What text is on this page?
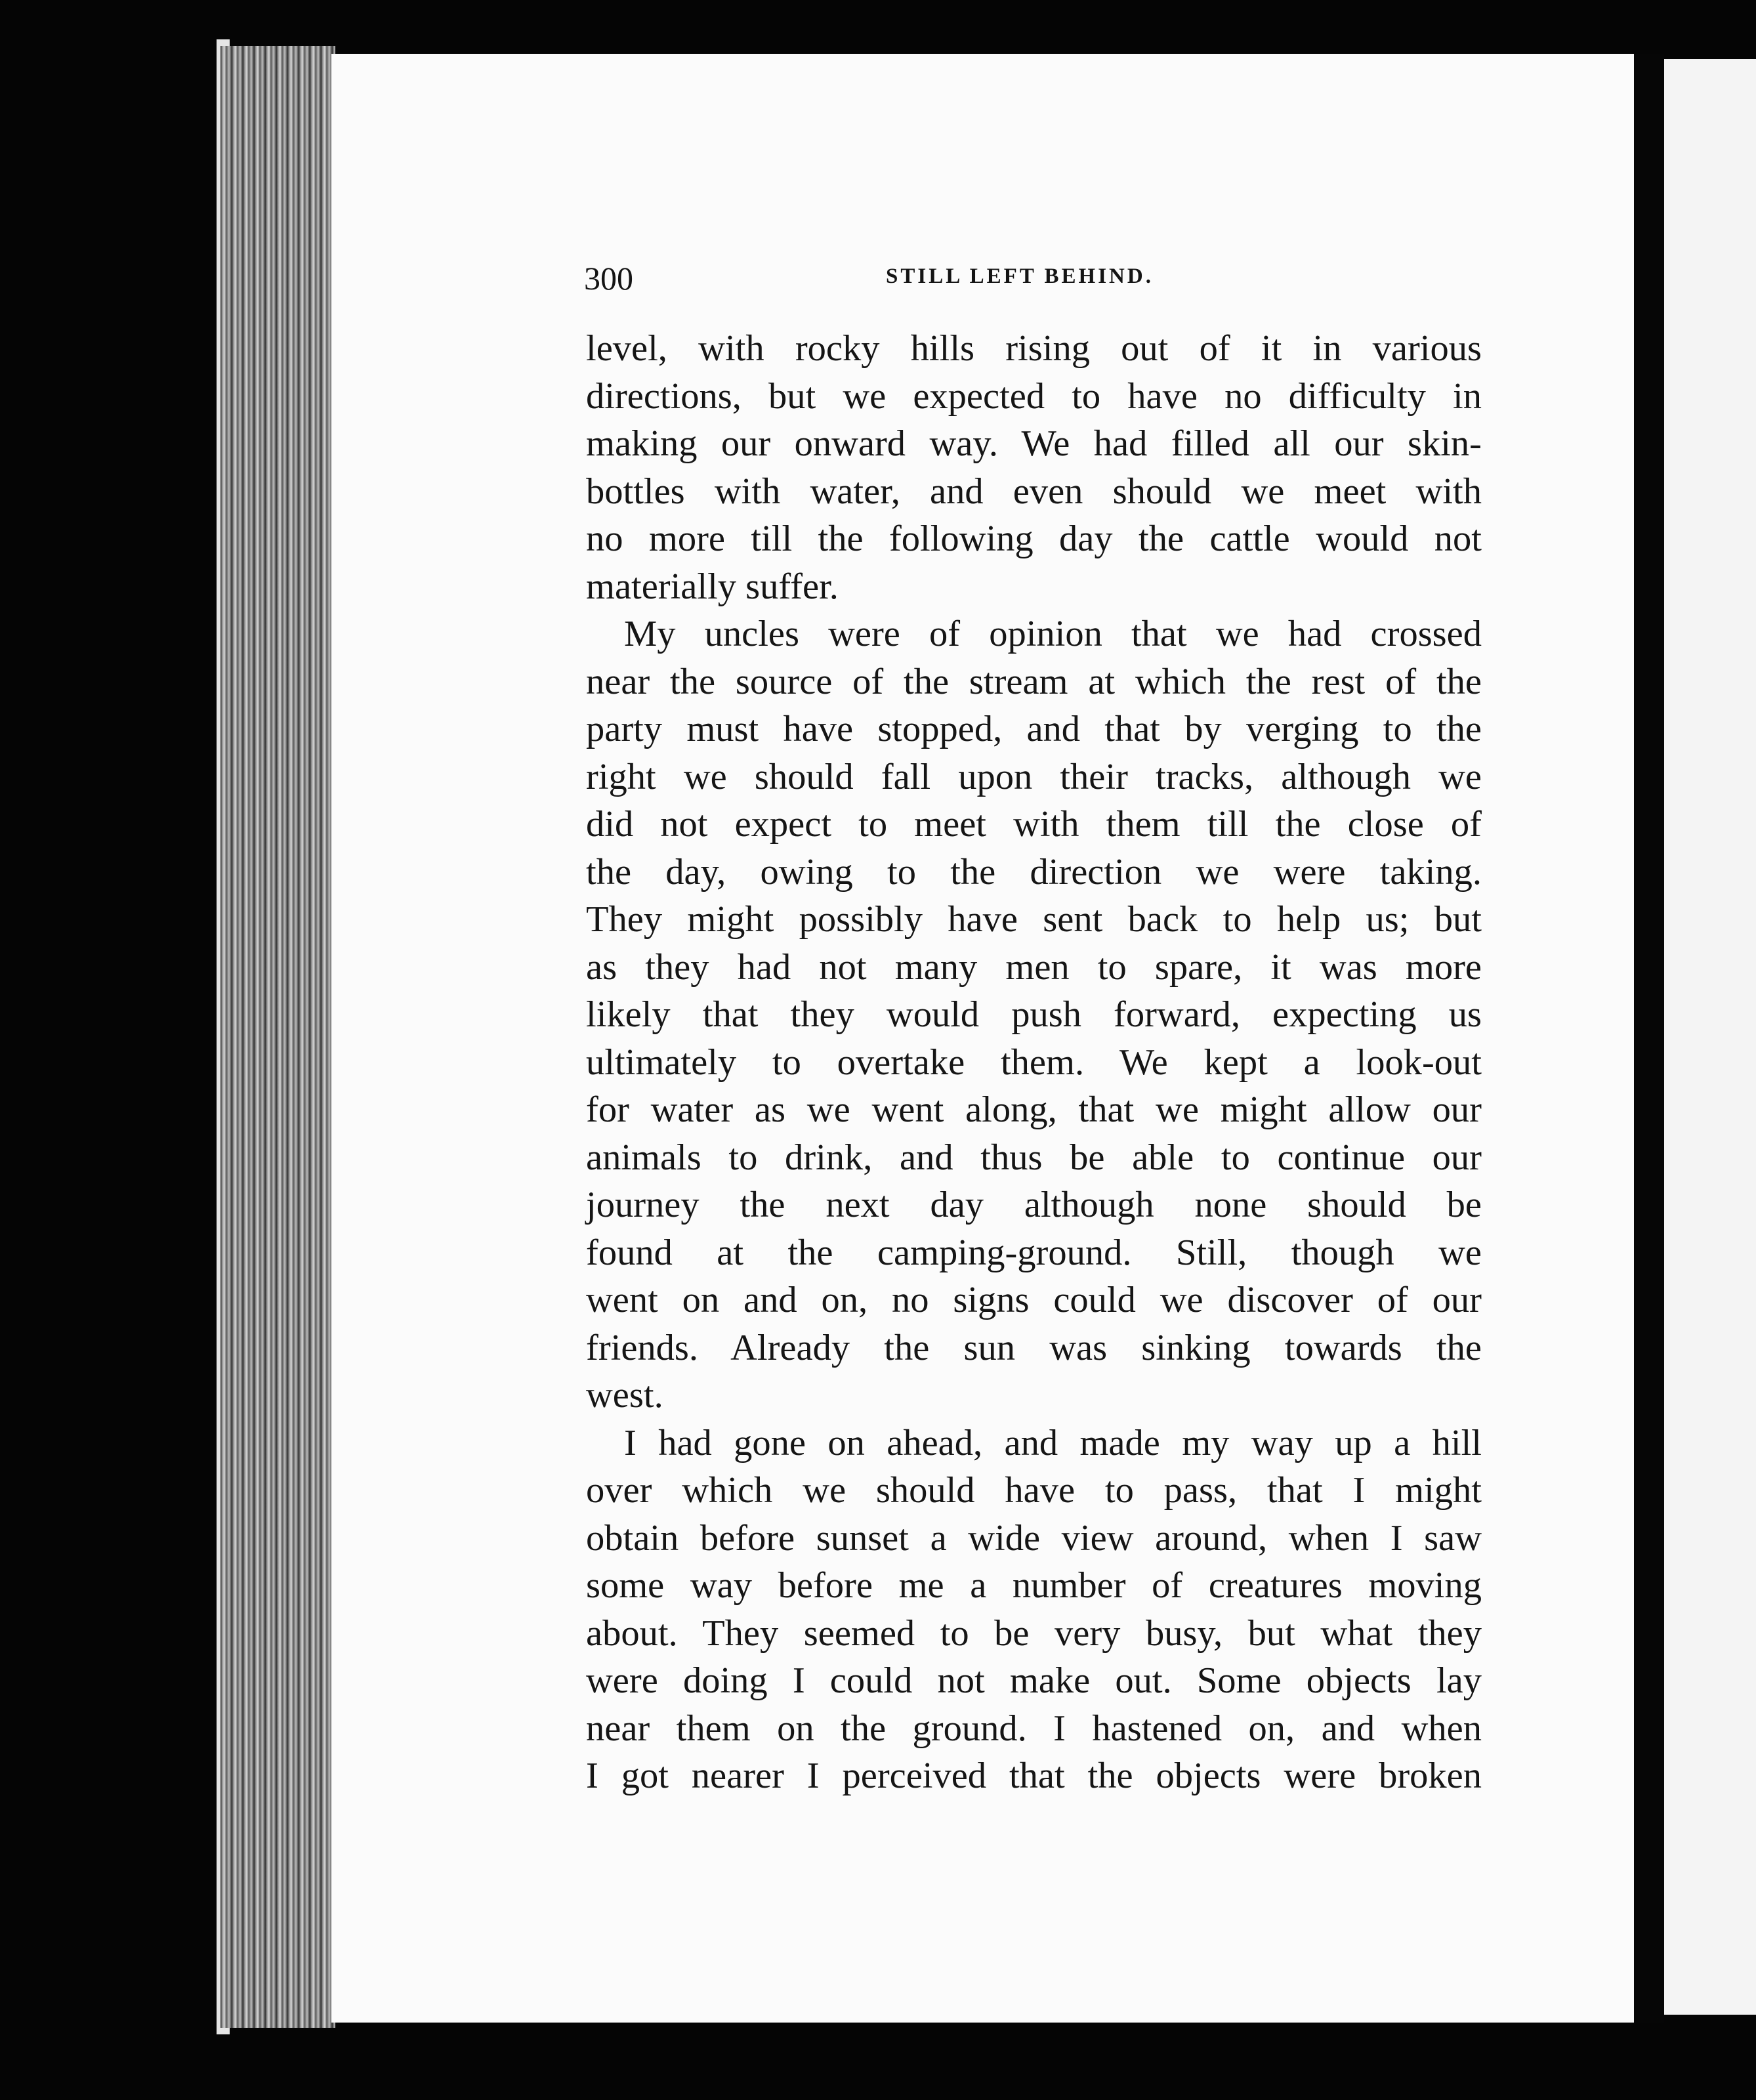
300	STILL LEFT BEHIND.
level, with rocky hills rising out of it in various
directions, but we expected to have no difficulty in
making our onward way. We had filled all our skin-
bottles with water, and even should we meet with
no more till the following day the cattle would not
materially suffer.
My uncles were of opinion that we had crossed
near the source of the stream at which the rest of the
party must have stopped, and that by verging to the
right we should fall upon their tracks, although we
did not expect to meet with them till the close of
the day, owing to the direction we were taking.
They might possibly have sent back to help us; but
as they had not many men to spare, it was more
likely that they would push forward, expecting us
ultimately to overtake them. We kept a look-out
for water as we went along, that we might allow our
animals to drink, and thus be able to continue our
journey the next day although none should be
found at the camping-ground. Still, though we
went on and on, no signs could we discover of our
friends. Already the sun was sinking towards the
west.
I had gone on ahead, and made my way up a hill
over which we should have to pass, that I might
obtain before sunset a wide view around, when I saw
some way before me a number of creatures moving
about. They seemed to be very busy, but what they
were doing I could not make out. Some objects lay
near them on the ground. I hastened on, and when
I got nearer I perceived that the objects were broken
